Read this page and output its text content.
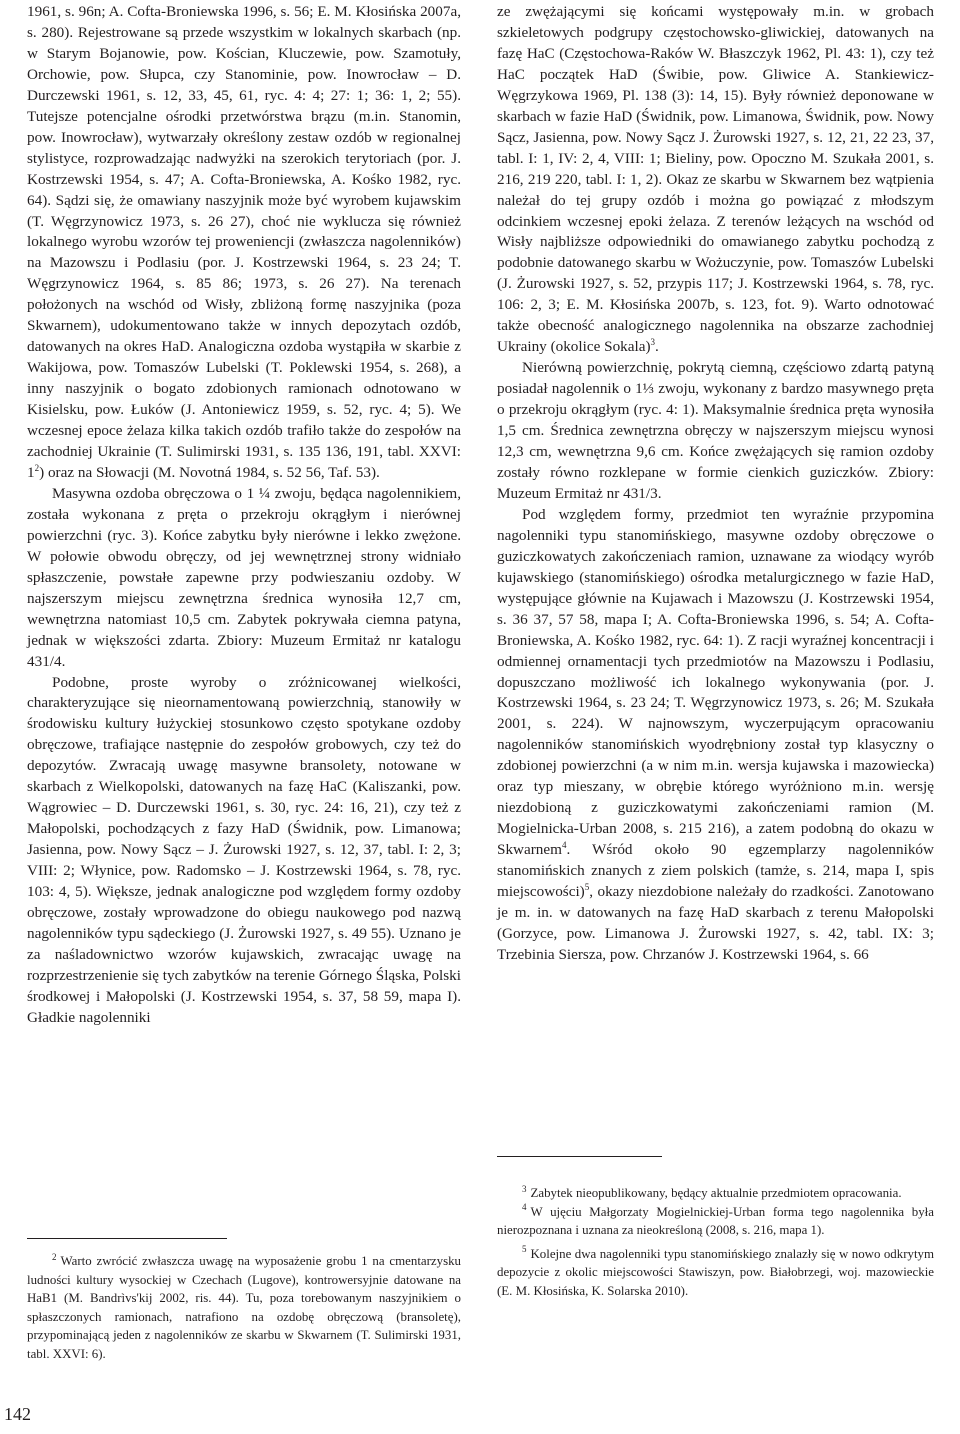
1961, s. 96n; A. Cofta-Broniewska 1996, s. 56; E. M. Kłosińska 2007a, s. 280). Rejestrowane są przede wszystkim w lokalnych skarbach (np. w Starym Bojanowie, pow. Kościan, Kluczewie, pow. Szamotuły, Orchowie, pow. Słupca, czy Stanominie, pow. Inowrocław – D. Durczewski 1961, s. 12, 33, 45, 61, ryc. 4: 4; 27: 1; 36: 1, 2; 55). Tutejsze potencjalne ośrodki przetwórstwa brązu (m.in. Stanomin, pow. Inowrocław), wytwarzały określony zestaw ozdób w regionalnej stylistyce, rozprowadzając nadwyżki na szerokich terytoriach (por. J. Kostrzewski 1954, s. 47; A. Cofta-Broniewska, A. Kośko 1982, ryc. 64). Sądzi się, że omawiany naszyjnik może być wyrobem kujawskim (T. Węgrzynowicz 1973, s. 26 27), choć nie wyklucza się również lokalnego wyrobu wzorów tej proweniencji (zwłaszcza nagolenników) na Mazowszu i Podlasiu (por. J. Kostrzewski 1964, s. 23 24; T. Węgrzynowicz 1964, s. 85 86; 1973, s. 26 27). Na terenach położonych na wschód od Wisły, zbliżoną formę naszyjnika (poza Skwarnem), udokumentowano także w innych depozytach ozdób, datowanych na okres HaD. Analogiczna ozdoba wystąpiła w skarbie z Wakijowa, pow. Tomaszów Lubelski (T. Poklewski 1954, s. 268), a inny naszyjnik o bogato zdobionych ramionach odnotowano w Kisielsku, pow. Łuków (J. Antoniewicz 1959, s. 52, ryc. 4; 5). We wczesnej epoce żelaza kilka takich ozdób trafiło także do zespołów na zachodniej Ukrainie (T. Sulimirski 1931, s. 135 136, 191, tabl. XXVI: $1^2$) oraz na Słowacji (M. Novotná 1984, s. 52 56, Taf. 53).

Masywna ozdoba obręczowa o 1 ¼ zwoju, będąca nagolennikiem, została wykonana z pręta o przekroju okrągłym i nierównej powierzchni (ryc. 3). Końce zabytku były nierówne i lekko zwężone. W połowie obwodu obręczy, od jej wewnętrznej strony widniało spłaszczenie, powstałe zapewne przy podwieszaniu ozdoby. W najszerszym miejscu zewnętrzna średnica wynosiła 12,7 cm, wewnętrzna natomiast 10,5 cm. Zabytek pokrywała ciemna patyna, jednak w większości zdarta. Zbiory: Muzeum Ermitaż nr katalogu 431/4.

Podobne, proste wyroby o zróżnicowanej wielkości, charakteryzujące się nieornamentowaną powierzchnią, stanowiły w środowisku kultury łużyckiej stosunkowo często spotykane ozdoby obręczowe, trafiające następnie do zespołów grobowych, czy też do depozytów. Zwracają uwagę masywne bransolety, notowane w skarbach z Wielkopolski, datowanych na fazę HaC (Kaliszanki, pow. Wągrowiec – D. Durczewski 1961, s. 30, ryc. 24: 16, 21), czy też z Małopolski, pochodzących z fazy HaD (Świdnik, pow. Limanowa; Jasienna, pow. Nowy Sącz – J. Żurowski 1927, s. 12, 37, tabl. I: 2, 3; VIII: 2; Włynice, pow. Radomsko – J. Kostrzewski 1964, s. 78, ryc. 103: 4, 5). Większe, jednak analogiczne pod względem formy ozdoby obręczowe, zostały wprowadzone do obiegu naukowego pod nazwą nagolenników typu sądeckiego (J. Żurowski 1927, s. 49 55). Uznano je za naśladownictwo wzorów kujawskich, zwracając uwagę na rozprzestrzenienie się tych zabytków na terenie Górnego Śląska, Polski środkowej i Małopolski (J. Kostrzewski 1954, s. 37, 58 59, mapa I). Gładkie nagolenniki

ze zwężającymi się końcami występowały m.in. w grobach szkieletowych podgrupy częstochowsko-gliwickiej, datowanych na fazę HaC (Częstochowa-Raków W. Błaszczyk 1962, Pl. 43: 1), czy też HaC początek HaD (Świbie, pow. Gliwice A. Stankiewicz-Węgrzykowa 1969, Pl. 138 (3): 14, 15). Były również deponowane w skarbach w fazie HaD (Świdnik, pow. Limanowa, Świdnik, pow. Nowy Sącz, Jasienna, pow. Nowy Sącz J. Żurowski 1927, s. 12, 21, 22 23, 37, tabl. I: 1, IV: 2, 4, VIII: 1; Bieliny, pow. Opoczno M. Szukała 2001, s. 216, 219 220, tabl. I: 1, 2). Okaz ze skarbu w Skwarnem bez wątpienia należał do tej grupy ozdób i można go powiązać z młodszym odcinkiem wczesnej epoki żelaza. Z terenów leżących na wschód od Wisły najbliższe odpowiedniki do omawianego zabytku pochodzą z podobnie datowanego skarbu w Wożuczynie, pow. Tomaszów Lubelski (J. Żurowski 1927, s. 52, przypis 117; J. Kostrzewski 1964, s. 78, ryc. 106: 2, 3; E. M. Kłosińska 2007b, s. 123, fot. 9). Warto odnotować także obecność analogicznego nagolennika na obszarze zachodniej Ukrainy (okolice Sokala)$^3$.

Nierówną powierzchnię, pokrytą ciemną, częściowo zdartą patyną posiadał nagolennik o 1⅓ zwoju, wykonany z bardzo masywnego pręta o przekroju okrągłym (ryc. 4: 1). Maksymalnie średnica pręta wynosiła 1,5 cm. Średnica zewnętrzna obręczy w najszerszym miejscu wynosi 12,3 cm, wewnętrzna 9,6 cm. Końce zwężających się ramion ozdoby zostały równo rozklepane w formie cienkich guziczków. Zbiory: Muzeum Ermitaż nr 431/3.

Pod względem formy, przedmiot ten wyraźnie przypomina nagolenniki typu stanomińskiego, masywne ozdoby obręczowe o guziczkowatych zakończeniach ramion, uznawane za wiodący wyrób kujawskiego (stanomińskiego) ośrodka metalurgicznego w fazie HaD, występujące głównie na Kujawach i Mazowszu (J. Kostrzewski 1954, s. 36 37, 57 58, mapa I; A. Cofta-Broniewska 1996, s. 54; A. Cofta-Broniewska, A. Kośko 1982, ryc. 64: 1). Z racji wyraźnej koncentracji i odmiennej ornamentacji tych przedmiotów na Mazowszu i Podlasiu, dopuszczano możliwość ich lokalnego wykonywania (por. J. Kostrzewski 1964, s. 23 24; T. Węgrzynowicz 1973, s. 26; M. Szukała 2001, s. 224). W najnowszym, wyczerpującym opracowaniu nagolenników stanomińskich wyodrębniony został typ klasyczny o zdobionej powierzchni (a w nim m.in. wersja kujawska i mazowiecka) oraz typ mieszany, w obrębie którego wyróżniono m.in. wersję niezdobioną z guziczkowatymi zakończeniami ramion (M. Mogielnicka-Urban 2008, s. 215 216), a zatem podobną do okazu w Skwarnem$^4$. Wśród około 90 egzemplarzy nagolenników stanomińskich znanych z ziem polskich (tamże, s. 214, mapa I, spis miejscowości)$^5$, okazy niezdobione należały do rzadkości. Zanotowano je m. in. w datowanych na fazę HaD skarbach z terenu Małopolski (Gorzyce, pow. Limanowa J. Żurowski 1927, s. 42, tabl. IX: 3; Trzebinia Siersza, pow. Chrzanów J. Kostrzewski 1964, s. 66

$^2$ Warto zwrócić zwłaszcza uwagę na wyposażenie grobu 1 na cmentarzysku ludności kultury wysockiej w Czechach (Lugove), kontrowersyjnie datowane na HaB1 (M. Bandrìvs'kij 2002, ris. 44). Tu, poza torebowanym naszyjnikiem o spłaszczonych ramionach, natrafiono na ozdobę obręczową (bransoletę), przypominającą jeden z nagolenników ze skarbu w Skwarnem (T. Sulimirski 1931, tabl. XXVI: 6).

$^3$ Zabytek nieopublikowany, będący aktualnie przedmiotem opracowania.

$^4$ W ujęciu Małgorzaty Mogielnickiej-Urban forma tego nagolennika była nierozpoznana i uznana za nieokreśloną (2008, s. 216, mapa 1).

$^5$ Kolejne dwa nagolenniki typu stanomińskiego znalazły się w nowo odkrytym depozycie z okolic miejscowości Stawiszyn, pow. Białobrzegi, woj. mazowieckie (E. M. Kłosińska, K. Solarska 2010).

142
